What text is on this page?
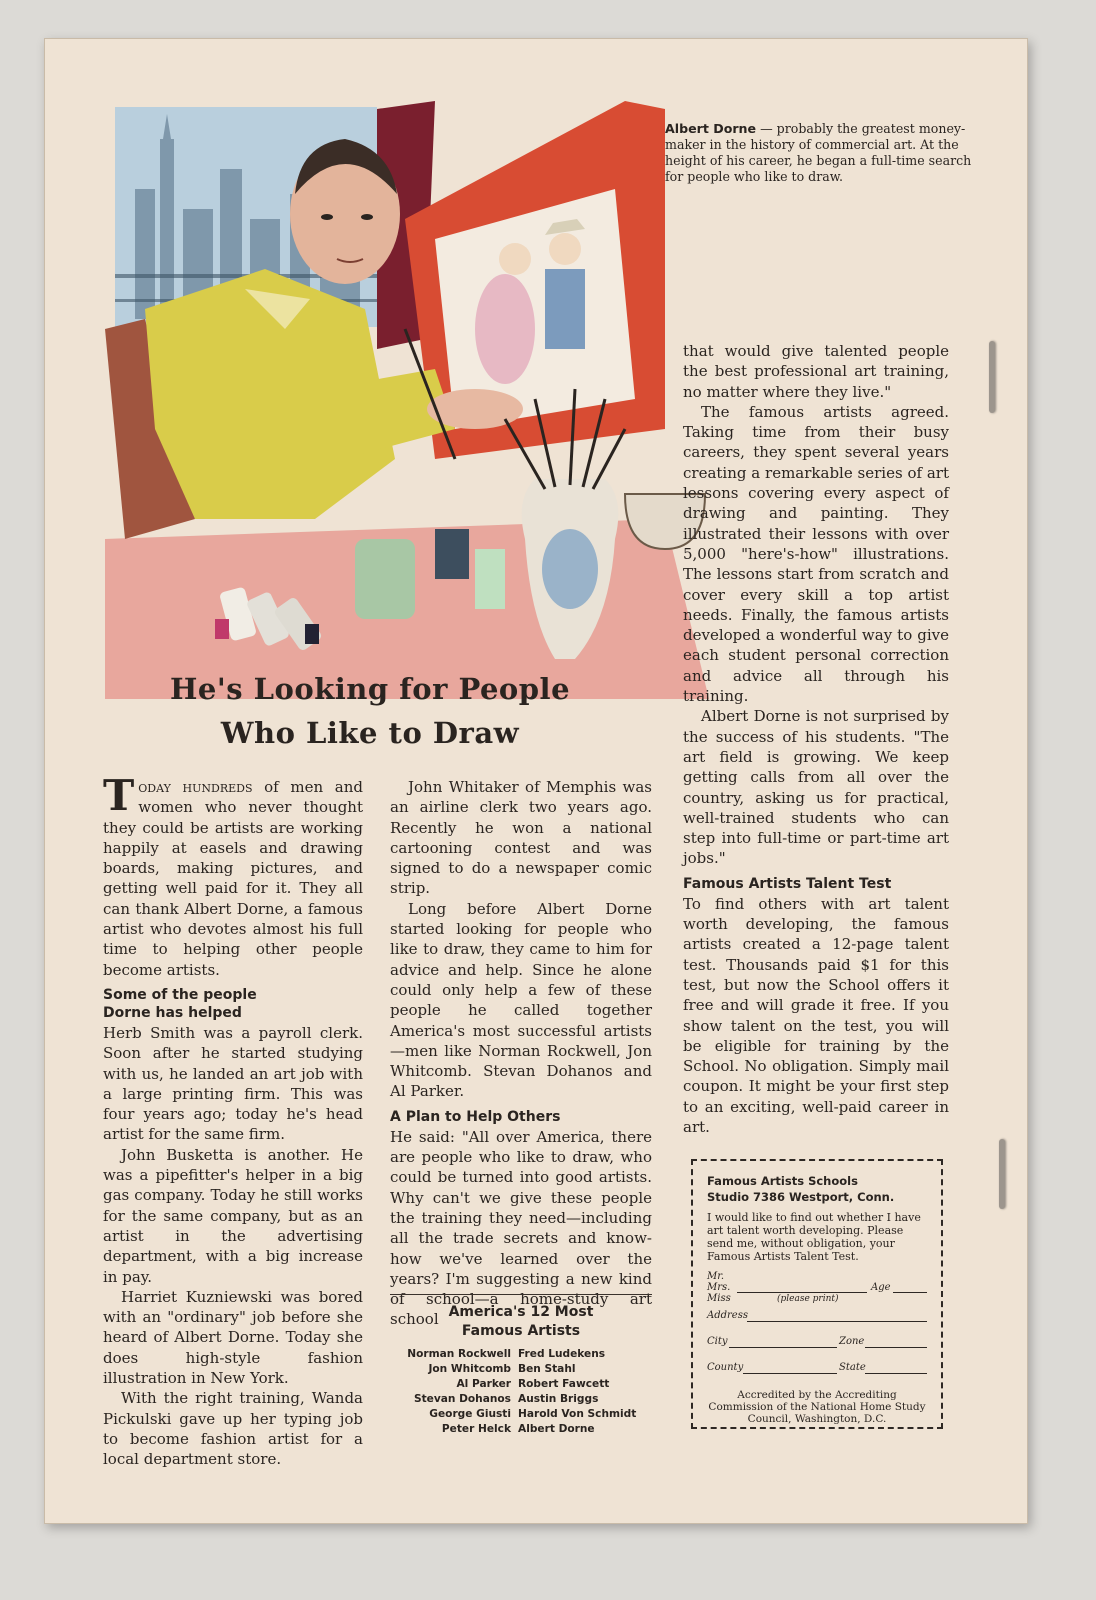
Albert Dorne — probably the greatest money-maker in the history of commercial art. At the height of his career, he began a full-time search for people who like to draw.
He's Looking for People
Who Like to Draw

Today hundreds of men and women who never thought they could be artists are working happily at easels and drawing boards, making pictures, and getting well paid for it. They all can thank Albert Dorne, a famous artist who devotes almost his full time to helping other people become artists.

Some of the people
Dorne has helped

Herb Smith was a payroll clerk. Soon after he started studying with us, he landed an art job with a large printing firm. This was four years ago; today he's head artist for the same firm.

John Busketta is another. He was a pipefitter's helper in a big gas company. Today he still works for the same company, but as an artist in the advertising department, with a big increase in pay.

Harriet Kuzniewski was bored with an "ordinary" job before she heard of Albert Dorne. Today she does high-style fashion illustration in New York.

With the right training, Wanda Pickulski gave up her typing job to become fashion artist for a local department store.

John Whitaker of Memphis was an airline clerk two years ago. Recently he won a national cartooning contest and was signed to do a newspaper comic strip.

Long before Albert Dorne started looking for people who like to draw, they came to him for advice and help. Since he alone could only help a few of these people he called together America's most successful artists—men like Norman Rockwell, Jon Whitcomb. Stevan Dohanos and Al Parker.

A Plan to Help Others

He said: "All over America, there are people who like to draw, who could be turned into good artists. Why can't we give these people the training they need—including all the trade secrets and know-how we've learned over the years? I'm suggesting a new kind of school—a home-study art school America's 12 Most
Famous Artists
Norman Rockwell Fred Ludekens
Jon Whitcomb Ben Stahl
Al Parker Robert Fawcett
Stevan Dohanos Austin Briggs
George Giusti Harold Von Schmidt
Peter Helck Albert Dorne

that would give talented people the best professional art training, no matter where they live."

The famous artists agreed. Taking time from their busy careers, they spent several years creating a remarkable series of art lessons covering every aspect of drawing and painting. They illustrated their lessons with over 5,000 "here's-how" illustrations. The lessons start from scratch and cover every skill a top artist needs. Finally, the famous artists developed a wonderful way to give each student personal correction and advice all through his training.

Albert Dorne is not surprised by the success of his students. "The art field is growing. We keep getting calls from all over the country, asking us for practical, well-trained students who can step into full-time or part-time art jobs."

Famous Artists Talent Test

To find others with art talent worth developing, the famous artists created a 12-page talent test. Thousands paid $1 for this test, but now the School offers it free and will grade it free. If you show talent on the test, you will be eligible for training by the School. No obligation. Simply mail coupon. It might be your first step to an exciting, well-paid career in art.

Famous Artists Schools
Studio 7386 Westport, Conn.
I would like to find out whether I have art talent worth developing. Please send me, without obligation, your Famous Artists Talent Test.
Mr.
Mrs.
Miss
Age
(please print)
Address
City	Zone
County	State
Accredited by the Accrediting Commission of the National Home Study Council, Washington, D.C.
